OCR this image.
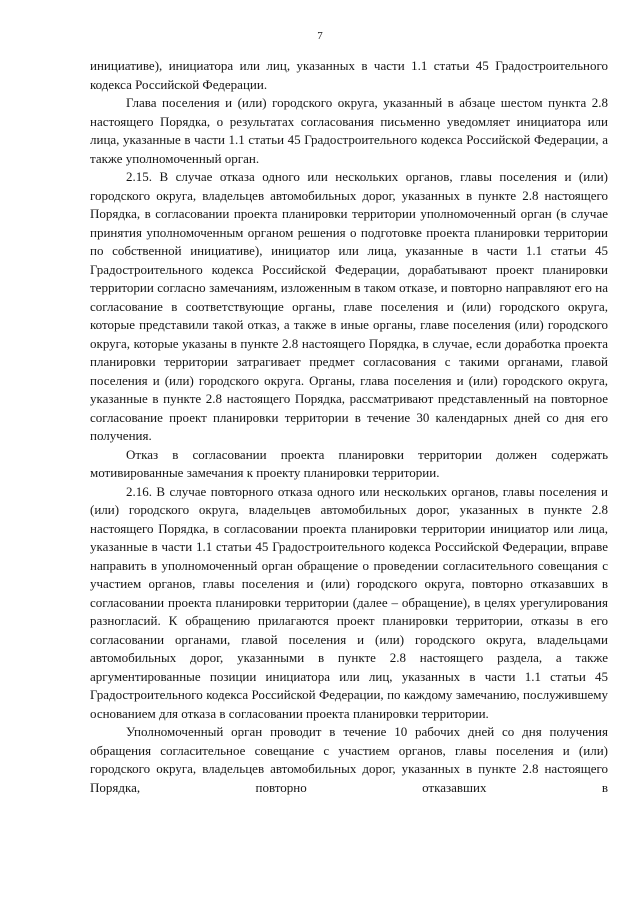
7

инициативе), инициатора или лиц, указанных в части 1.1 статьи 45 Градостроительного кодекса Российской Федерации.

Глава поселения и (или) городского округа, указанный в абзаце шестом пункта 2.8 настоящего Порядка, о результатах согласования письменно уведомляет инициатора или лица, указанные в части 1.1 статьи 45 Градостроительного кодекса Российской Федерации, а также уполномоченный орган.

2.15. В случае отказа одного или нескольких органов, главы поселения и (или) городского округа, владельцев автомобильных дорог, указанных в пункте 2.8 настоящего Порядка, в согласовании проекта планировки территории уполномоченный орган (в случае принятия уполномоченным органом решения о подготовке проекта планировки территории по собственной инициативе), инициатор или лица, указанные в части 1.1 статьи 45 Градостроительного кодекса Российской Федерации, дорабатывают проект планировки территории согласно замечаниям, изложенным в таком отказе, и повторно направляют его на согласование в соответствующие органы, главе поселения и (или) городского округа, которые представили такой отказ, а также в иные органы, главе поселения (или) городского округа, которые указаны в пункте 2.8 настоящего Порядка, в случае, если доработка проекта планировки территории затрагивает предмет согласования с такими органами, главой поселения и (или) городского округа. Органы, глава поселения и (или) городского округа, указанные в пункте 2.8 настоящего Порядка, рассматривают представленный на повторное согласование проект планировки территории в течение 30 календарных дней со дня его получения.

Отказ в согласовании проекта планировки территории должен содержать мотивированные замечания к проекту планировки территории.

2.16. В случае повторного отказа одного или нескольких органов, главы поселения и (или) городского округа, владельцев автомобильных дорог, указанных в пункте 2.8 настоящего Порядка, в согласовании проекта планировки территории инициатор или лица, указанные в части 1.1 статьи 45 Градостроительного кодекса Российской Федерации, вправе направить в уполномоченный орган обращение о проведении согласительного совещания с участием органов, главы поселения и (или) городского округа, повторно отказавших в согласовании проекта планировки территории (далее – обращение), в целях урегулирования разногласий. К обращению прилагаются проект планировки территории, отказы в его согласовании органами, главой поселения и (или) городского округа, владельцами автомобильных дорог, указанными в пункте 2.8 настоящего раздела, а также аргументированные позиции инициатора или лиц, указанных в части 1.1 статьи 45 Градостроительного кодекса Российской Федерации, по каждому замечанию, послужившему основанием для отказа в согласовании проекта планировки территории.

Уполномоченный орган проводит в течение 10 рабочих дней со дня получения обращения согласительное совещание с участием органов, главы поселения и (или) городского округа, владельцев автомобильных дорог, указанных в пункте 2.8 настоящего Порядка, повторно отказавших в
